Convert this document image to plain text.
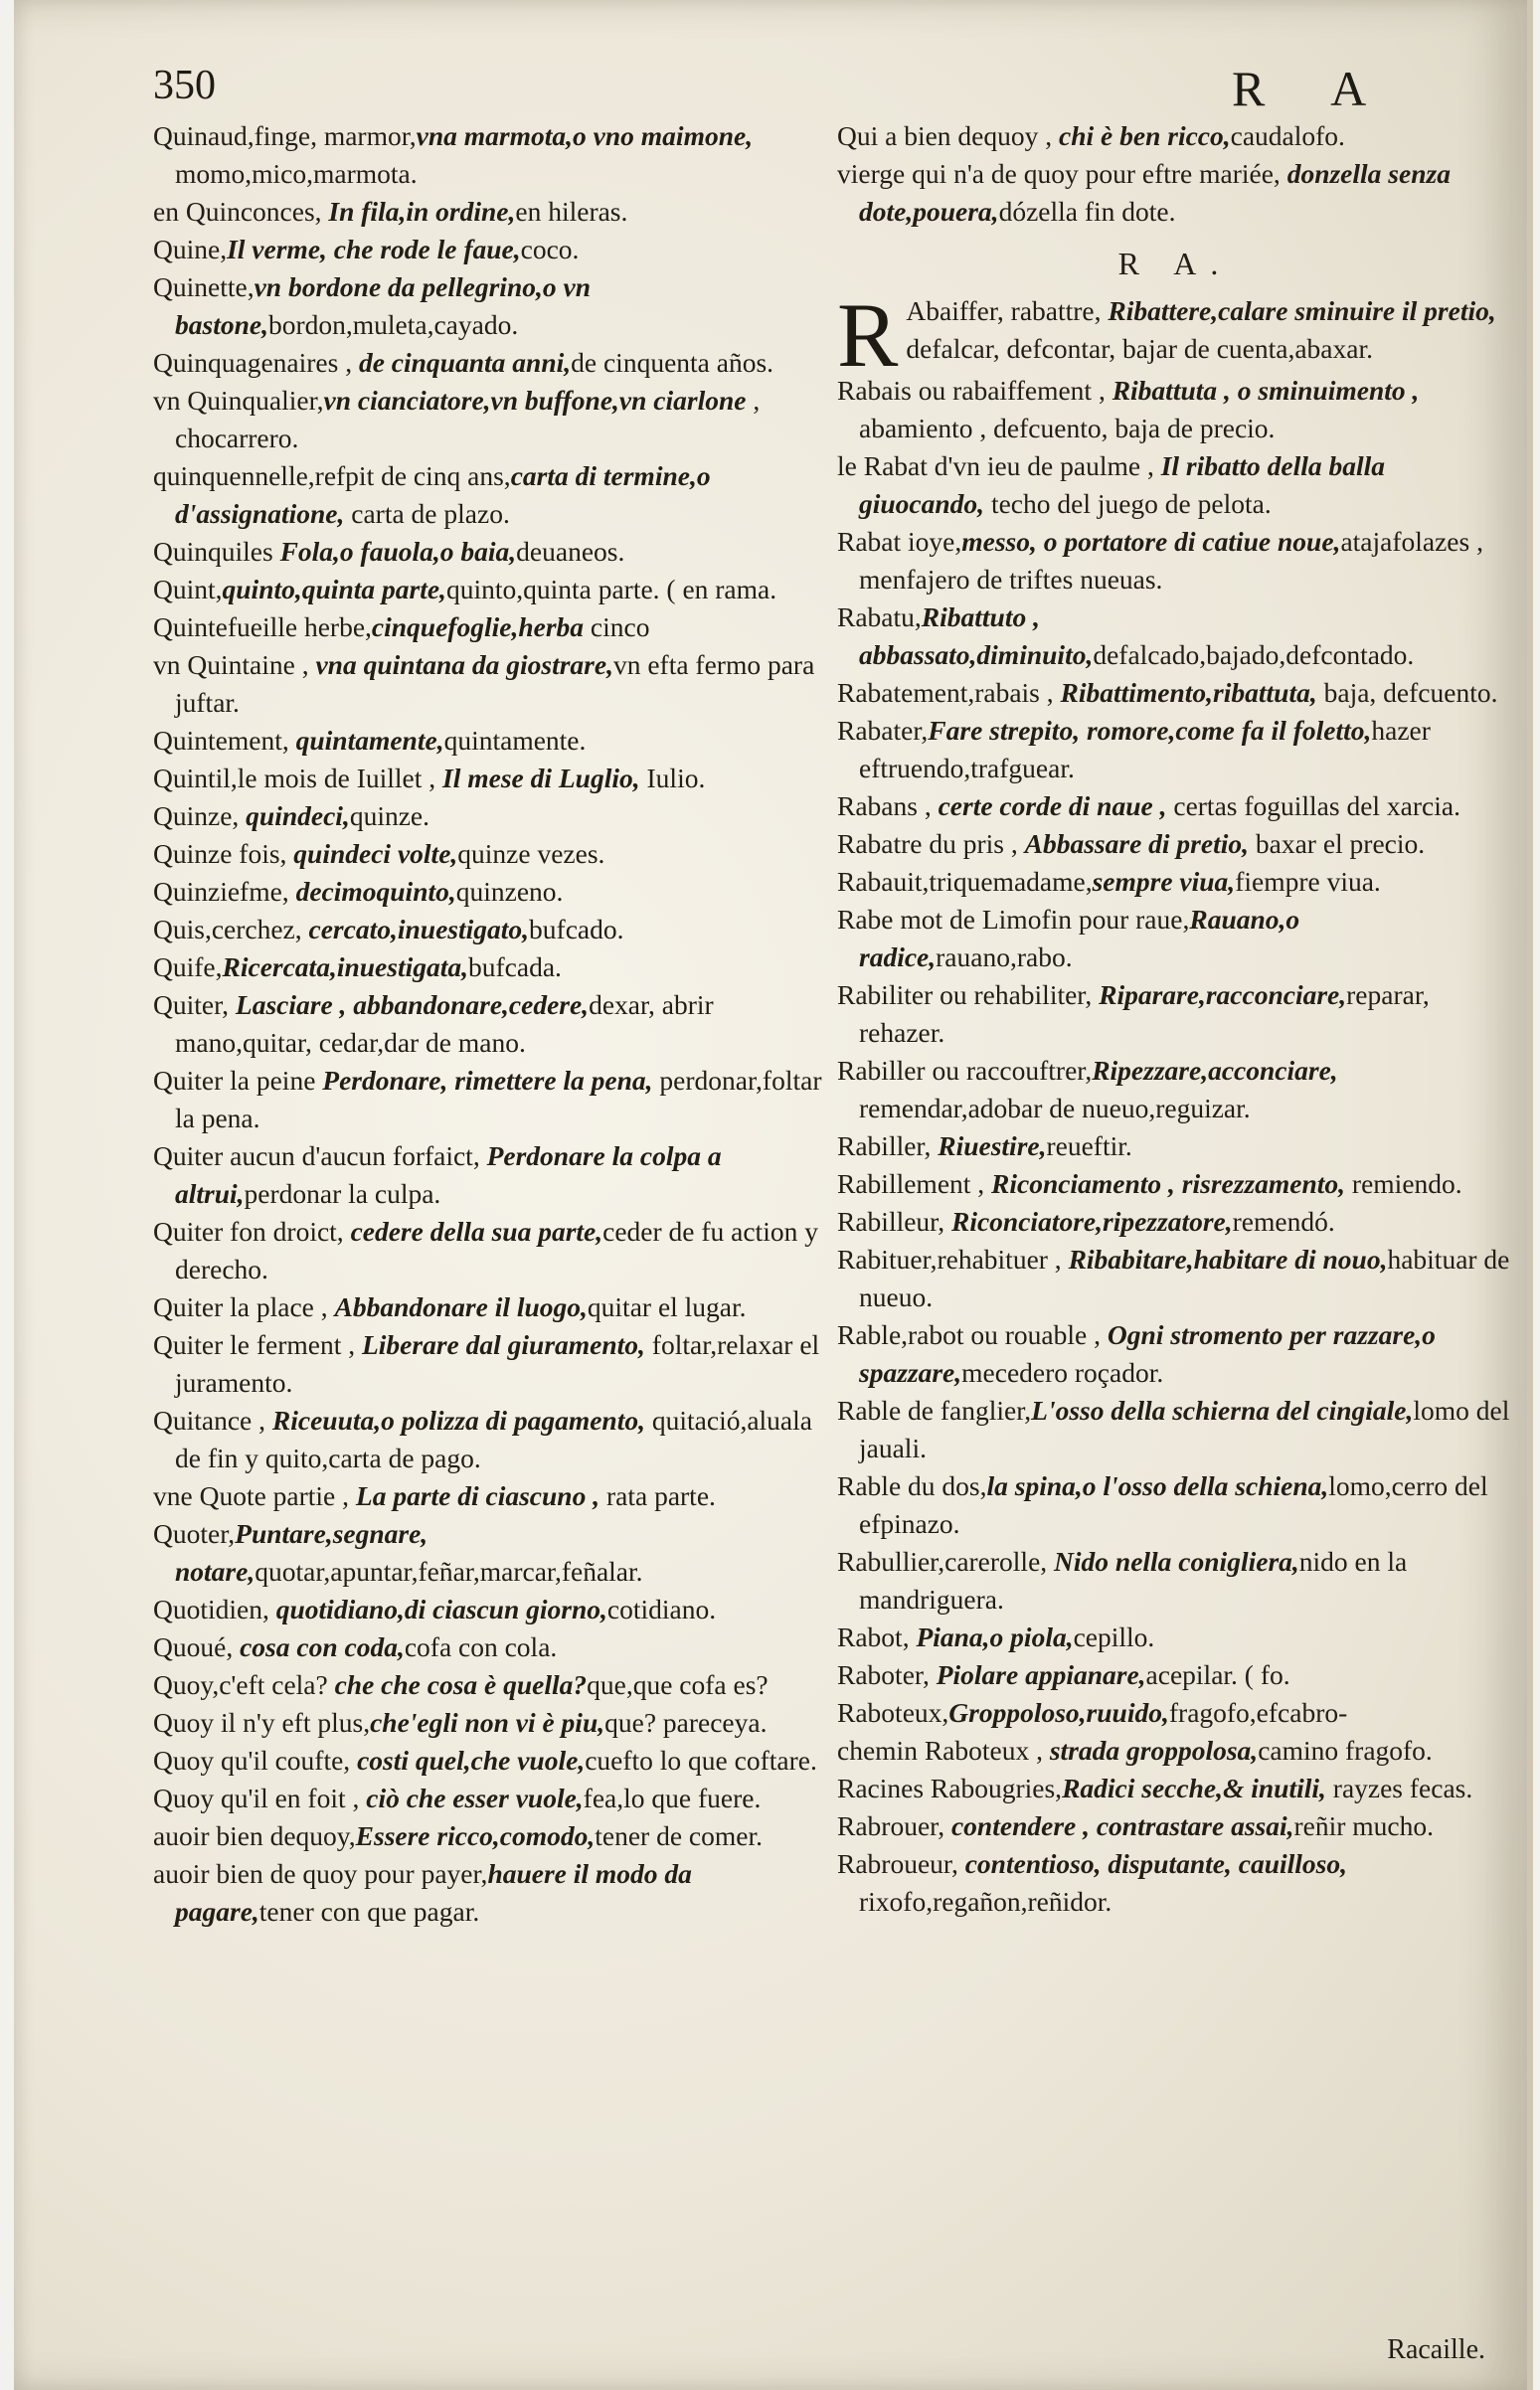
350	R A

Quinaud,finge, marmor,vna marmota,o vno maimone, momo,mico,marmota.

en Quinconces, In fila,in ordine,en hileras.

Quine,Il verme, che rode le faue,coco.

Quinette,vn bordone da pellegrino,o vn bastone,bordon,muleta,cayado.

Quinquagenaires , de cinquanta anni,de cinquenta años.

vn Quinqualier,vn cianciatore,vn buffone,vn ciarlone , chocarrero.

quinquennelle,refpit de cinq ans,carta di termine,o d'assignatione, carta de plazo.

Quinquiles Fola,o fauola,o baia,deuaneos.

Quint,quinto,quinta parte,quinto,quinta parte. ( en rama.

Quintefueille herbe,cinquefoglie,herba cinco

vn Quintaine , vna quintana da giostrare,vn efta fermo para juftar.

Quintement, quintamente,quintamente.

Quintil,le mois de Iuillet , Il mese di Luglio, Iulio.

Quinze, quindeci,quinze.

Quinze fois, quindeci volte,quinze vezes.

Quinziefme, decimoquinto,quinzeno.

Quis,cerchez, cercato,inuestigato,bufcado.

Quife,Ricercata,inuestigata,bufcada.

Quiter, Lasciare , abbandonare,cedere,dexar, abrir mano,quitar, cedar,dar de mano.

Quiter la peine Perdonare, rimettere la pena, perdonar,foltar la pena.

Quiter aucun d'aucun forfaict, Perdonare la colpa a altrui,perdonar la culpa.

Quiter fon droict, cedere della sua parte,ceder de fu action y derecho.

Quiter la place , Abbandonare il luogo,quitar el lugar.

Quiter le ferment , Liberare dal giuramento, foltar,relaxar el juramento.

Quitance , Riceuuta,o polizza di pagamento, quitació,aluala de fin y quito,carta de pago.

vne Quote partie , La parte di ciascuno , rata parte.

Quoter,Puntare,segnare, notare,quotar,apuntar,feñar,marcar,feñalar.

Quotidien, quotidiano,di ciascun giorno,cotidiano.

Quoué, cosa con coda,cofa con cola.

Quoy,c'eft cela? che che cosa è quella?que,que cofa es?

Quoy il n'y eft plus,che'egli non vi è piu,que? pareceya.

Quoy qu'il coufte, costi quel,che vuole,cuefto lo que coftare.

Quoy qu'il en foit , ciò che esser vuole,fea,lo que fuere.

auoir bien dequoy,Essere ricco,comodo,tener de comer.

auoir bien de quoy pour payer,hauere il modo da pagare,tener con que pagar.

Qui a bien dequoy , chi è ben ricco,caudalofo.

vierge qui n'a de quoy pour eftre mariée, donzella senza dote,pouera,dózella fin dote.

R A.

R Abaiffer, rabattre, Ribattere,calare sminuire il pretio, defalcar, defcontar, bajar de cuenta,abaxar.

Rabais ou rabaiffement , Ribattuta , o sminuimento , abamiento , defcuento, baja de precio.

le Rabat d'vn ieu de paulme , Il ribatto della balla giuocando, techo del juego de pelota.

Rabat ioye,messo, o portatore di catiue noue,atajafolazes , menfajero de triftes nueuas.

Rabatu,Ribattuto , abbassato,diminuito,defalcado,bajado,defcontado.

Rabatement,rabais , Ribattimento,ribattuta, baja, defcuento.

Rabater,Fare strepito, romore,come fa il foletto,hazer eftruendo,trafguear.

Rabans , certe corde di naue , certas foguillas del xarcia.

Rabatre du pris , Abbassare di pretio, baxar el precio.

Rabauit,triquemadame,sempre viua,fiempre viua.

Rabe mot de Limofin pour raue,Rauano,o radice,rauano,rabo.

Rabiliter ou rehabiliter, Riparare,racconciare,reparar, rehazer.

Rabiller ou raccouftrer,Ripezzare,acconciare, remendar,adobar de nueuo,reguizar.

Rabiller, Riuestire,reueftir.

Rabillement , Riconciamento , risrezzamento, remiendo.

Rabilleur, Riconciatore,ripezzatore,remendó.

Rabituer,rehabituer , Ribabitare,habitare di nouo,habituar de nueuo.

Rable,rabot ou rouable , Ogni stromento per razzare,o spazzare,mecedero roçador.

Rable de fanglier,L'osso della schierna del cingiale,lomo del jauali.

Rable du dos,la spina,o l'osso della schiena,lomo,cerro del efpinazo.

Rabullier,carerolle, Nido nella conigliera,nido en la mandriguera.

Rabot, Piana,o piola,cepillo.

Raboter, Piolare appianare,acepilar. ( fo.

Raboteux,Groppoloso,ruuido,fragofo,efcabro-

chemin Raboteux , strada groppolosa,camino fragofo.

Racines Rabougries,Radici secche,& inutili, rayzes fecas.

Rabrouer, contendere , contrastare assai,reñir mucho.

Rabroueur, contentioso, disputante, cauilloso, rixofo,regañon,reñidor.

Racaille.
